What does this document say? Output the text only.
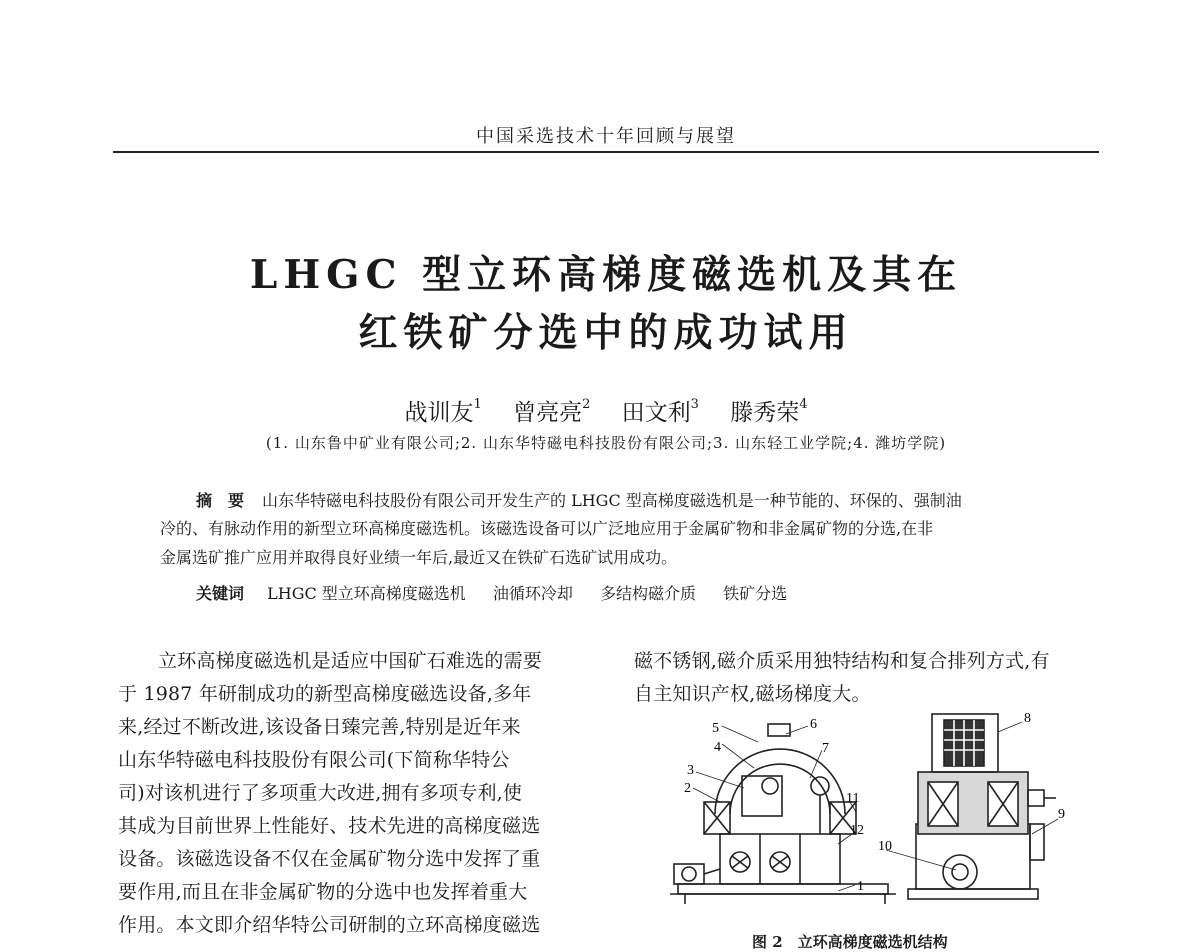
中国采选技术十年回顾与展望
LHGC 型立环高梯度磁选机及其在
红铁矿分选中的成功试用
战训友$^1$ 曾亮亮$^2$ 田文利$^3$ 滕秀荣$^4$
(1. 山东鲁中矿业有限公司;2. 山东华特磁电科技股份有限公司;3. 山东轻工业学院;4. 潍坊学院)
摘　要 山东华特磁电科技股份有限公司开发生产的 LHGC 型高梯度磁选机是一种节能的、环保的、强制油
冷的、有脉动作用的新型立环高梯度磁选机。该磁选设备可以广泛地应用于金属矿物和非金属矿物的分选,在非
金属选矿推广应用并取得良好业绩一年后,最近又在铁矿石选矿试用成功。
关键词 LHGC 型立环高梯度磁选机 油循环冷却 多结构磁介质 铁矿分选
立环高梯度磁选机是适应中国矿石难选的需要
于 1987 年研制成功的新型高梯度磁选设备,多年
来,经过不断改进,该设备日臻完善,特别是近年来
山东华特磁电科技股份有限公司(下简称华特公
司)对该机进行了多项重大改进,拥有多项专利,使
其成为目前世界上性能好、技术先进的高梯度磁选
设备。该磁选设备不仅在金属矿物分选中发挥了重
要作用,而且在非金属矿物的分选中也发挥着重大
作用。本文即介绍华特公司研制的立环高梯度磁选
磁不锈钢,磁介质采用独特结构和复合排列方式,有
自主知识产权,磁场梯度大。
1
2
3
4
5	6
7
8
9
10
11
12
图 2　立环高梯度磁选机结构
